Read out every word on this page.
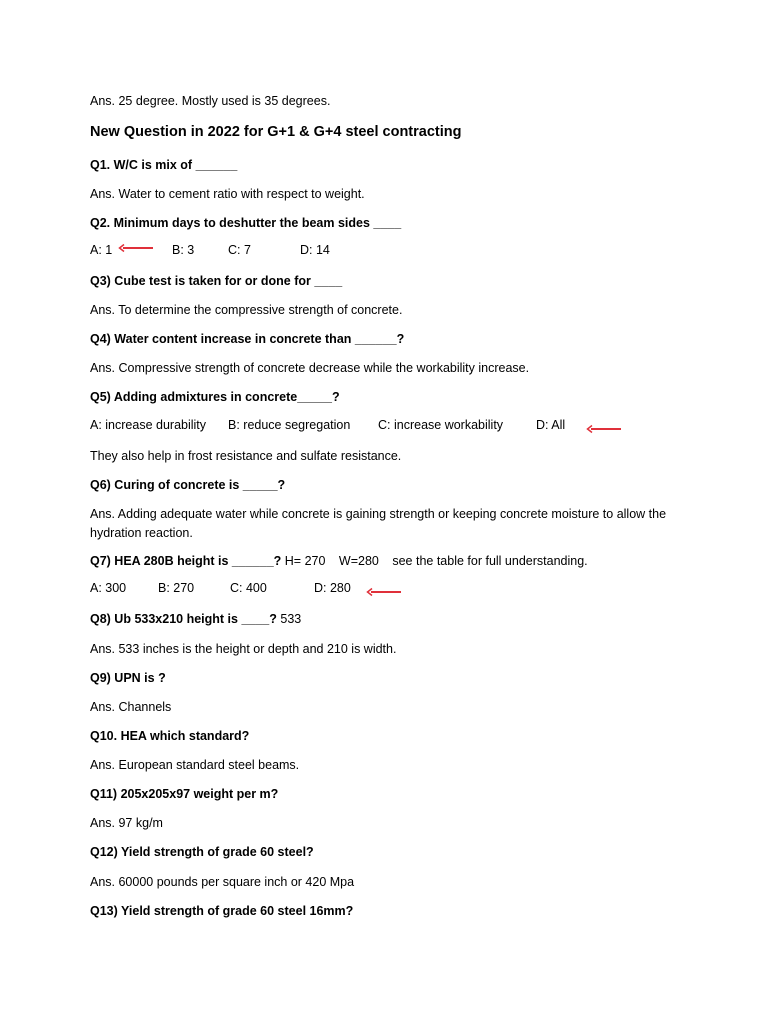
Ans. 25 degree. Mostly used is 35 degrees.
New Question in 2022 for G+1 & G+4 steel contracting
Q1. W/C is mix of ______
Ans. Water to cement ratio with respect to weight.
Q2. Minimum days to deshutter the beam sides ____
A: 1	B: 3	C: 7	D: 14
Q3) Cube test is taken for or done for ____
Ans. To determine the compressive strength of concrete.
Q4) Water content increase in concrete than ______?
Ans. Compressive strength of concrete decrease while the workability increase.
Q5) Adding admixtures in concrete_____?
A: increase durability B: reduce segregation C: increase workability	D: All
They also help in frost resistance and sulfate resistance.
Q6) Curing of concrete is _____?
Ans. Adding adequate water while concrete is gaining strength or keeping concrete moisture to allow the hydration reaction.
Q7) HEA 280B height is ______? H= 270 W=280 see the table for full understanding.
A: 300	B: 270	C: 400	D: 280
Q8) Ub 533x210 height is ____? 533
Ans. 533 inches is the height or depth and 210 is width.
Q9) UPN is ?
Ans. Channels
Q10. HEA which standard?
Ans. European standard steel beams.
Q11) 205x205x97 weight per m?
Ans. 97 kg/m
Q12) Yield strength of grade 60 steel?
Ans. 60000 pounds per square inch or 420 Mpa
Q13) Yield strength of grade 60 steel 16mm?
